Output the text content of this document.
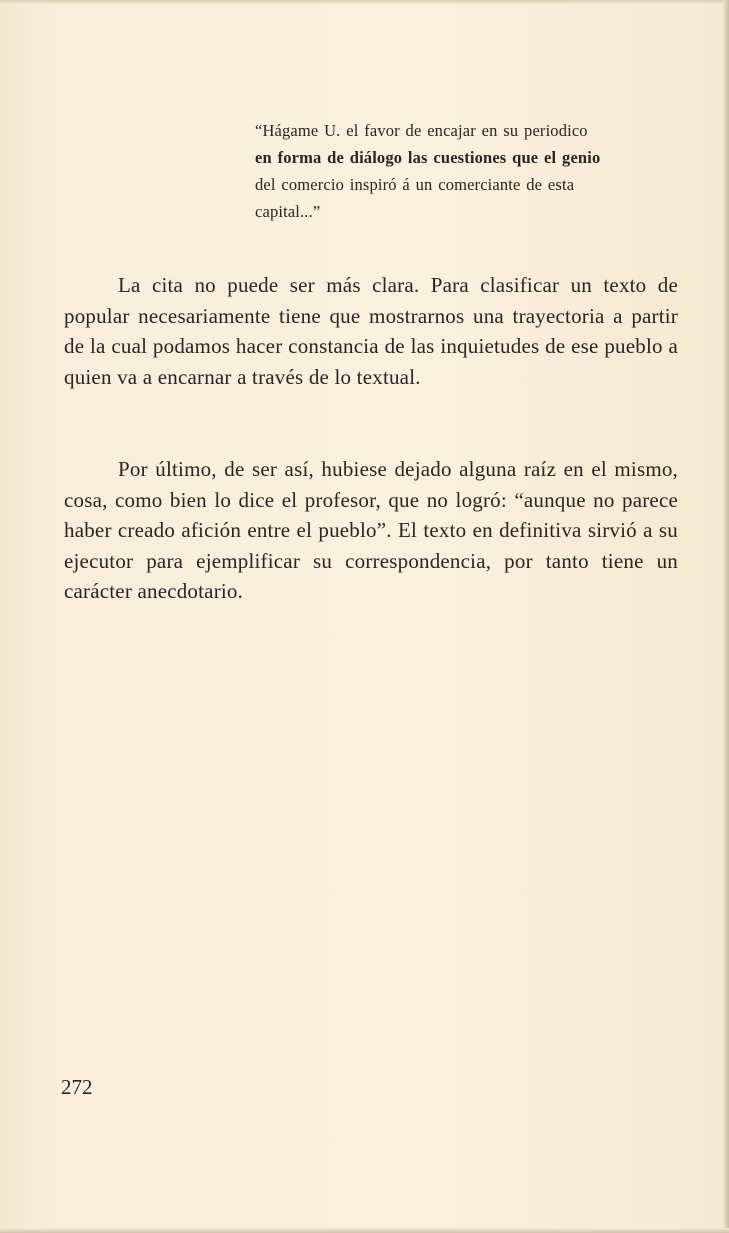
“Hágame U. el favor de encajar en su periodico
en forma de diálogo las cuestiones que el genio
del comercio inspiró á un comerciante de esta
capital...”

La cita no puede ser más clara. Para clasificar un texto de popular necesariamente tiene que mostrarnos una trayectoria a partir de la cual podamos hacer constancia de las inquietudes de ese pueblo a quien va a encarnar a través de lo textual.

Por último, de ser así, hubiese dejado alguna raíz en el mismo, cosa, como bien lo dice el profesor, que no logró: “aunque no parece haber creado afición entre el pueblo”. El texto en definitiva sirvió a su ejecutor para ejemplificar su correspondencia, por tanto tiene un carácter anecdotario.

272
